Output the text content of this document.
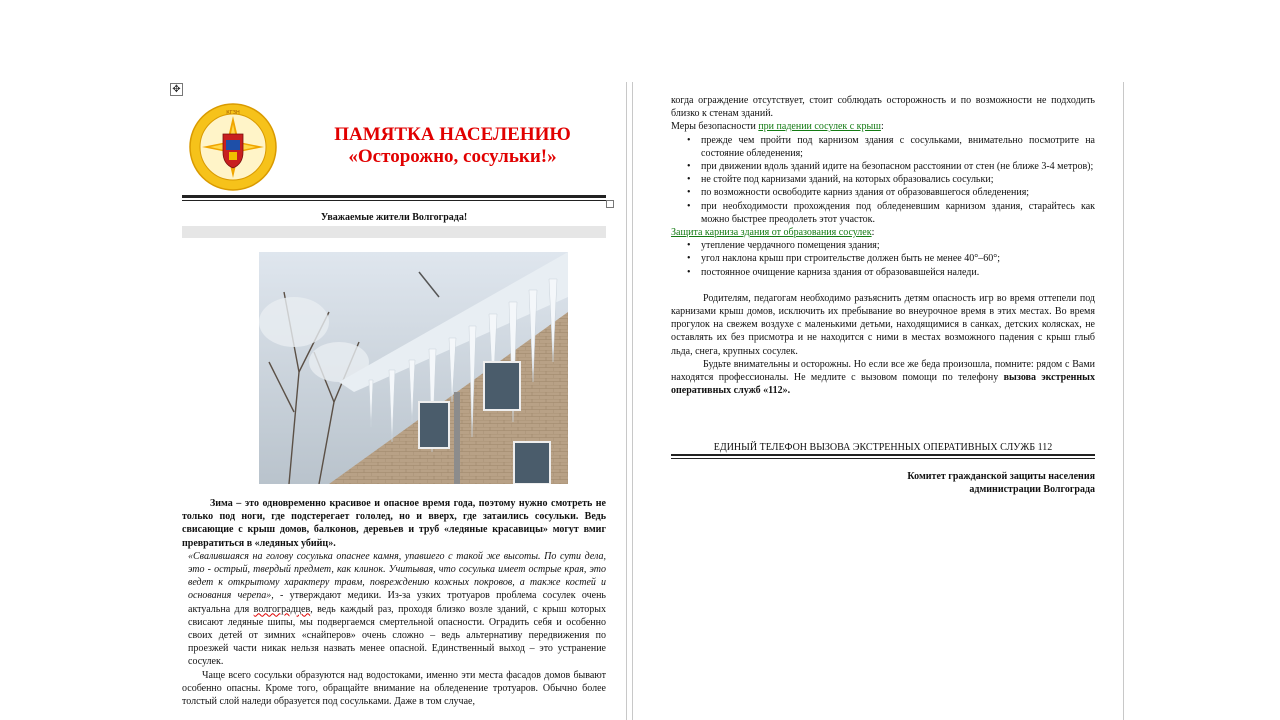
✥
КГЗН
ПАМЯТКА НАСЕЛЕНИЮ
«Осторожно, сосульки!»
Уважаемые жители Волгограда!
Зима – это одновременно красивое и опасное время года, поэтому нужно смотреть не только под ноги, где подстерегает гололед, но и вверх, где затаились сосульки. Ведь свисающие с крыш домов, балконов, деревьев и труб «ледяные красавицы» могут вмиг превратиться в «ледяных убийц».
«Свалившаяся на голову сосулька опаснее камня, упавшего с такой же высоты. По сути дела, это - острый, твердый предмет, как клинок. Учитывая, что сосулька имеет острые края, это ведет к открытому характеру травм, повреждению кожных покровов, а также костей и основания черепа», - утверждают медики. Из-за узких тротуаров проблема сосулек очень актуальна для волгоградцев, ведь каждый раз, проходя близко возле зданий, с крыш которых свисают ледяные шипы, мы подвергаемся смертельной опасности. Оградить себя и особенно своих детей от зимних «снайперов» очень сложно – ведь альтернативу передвижения по проезжей части никак нельзя назвать менее опасной. Единственный выход – это устранение сосулек.
Чаще всего сосульки образуются над водостоками, именно эти места фасадов домов бывают особенно опасны. Кроме того, обращайте внимание на обледенение тротуаров. Обычно более толстый слой наледи образуется под сосульками. Даже в том случае,
когда ограждение отсутствует, стоит соблюдать осторожность и по возможности не подходить близко к стенам зданий.
Меры безопасности при падении сосулек с крыш:
• прежде чем пройти под карнизом здания с сосульками, внимательно посмотрите на состояние обледенения;
• при движении вдоль зданий идите на безопасном расстоянии от стен (не ближе 3-4 метров);
• не стойте под карнизами зданий, на которых образовались сосульки;
• по возможности освободите карниз здания от образовавшегося обледенения;
• при необходимости прохождения под обледеневшим карнизом здания, старайтесь как можно быстрее преодолеть этот участок.
Защита карниза здания от образования сосулек:
• утепление чердачного помещения здания;
• угол наклона крыш при строительстве должен быть не менее 40°–60°;
• постоянное очищение карниза здания от образовавшейся наледи.
Родителям, педагогам необходимо разъяснить детям опасность игр во время оттепели под карнизами крыш домов, исключить их пребывание во внеурочное время в этих местах. Во время прогулок на свежем воздухе с маленькими детьми, находящимися в санках, детских колясках, не оставлять их без присмотра и не находится с ними в местах возможного падения с крыш глыб льда, снега, крупных сосулек.
Будьте внимательны и осторожны. Но если все же беда произошла, помните: рядом с Вами находятся профессионалы. Не медлите с вызовом помощи по телефону вызова экстренных оперативных служб «112».
ЕДИНЫЙ ТЕЛЕФОН ВЫЗОВА ЭКСТРЕННЫХ ОПЕРАТИВНЫХ СЛУЖБ 112
Комитет гражданской защиты населения
администрации Волгограда
